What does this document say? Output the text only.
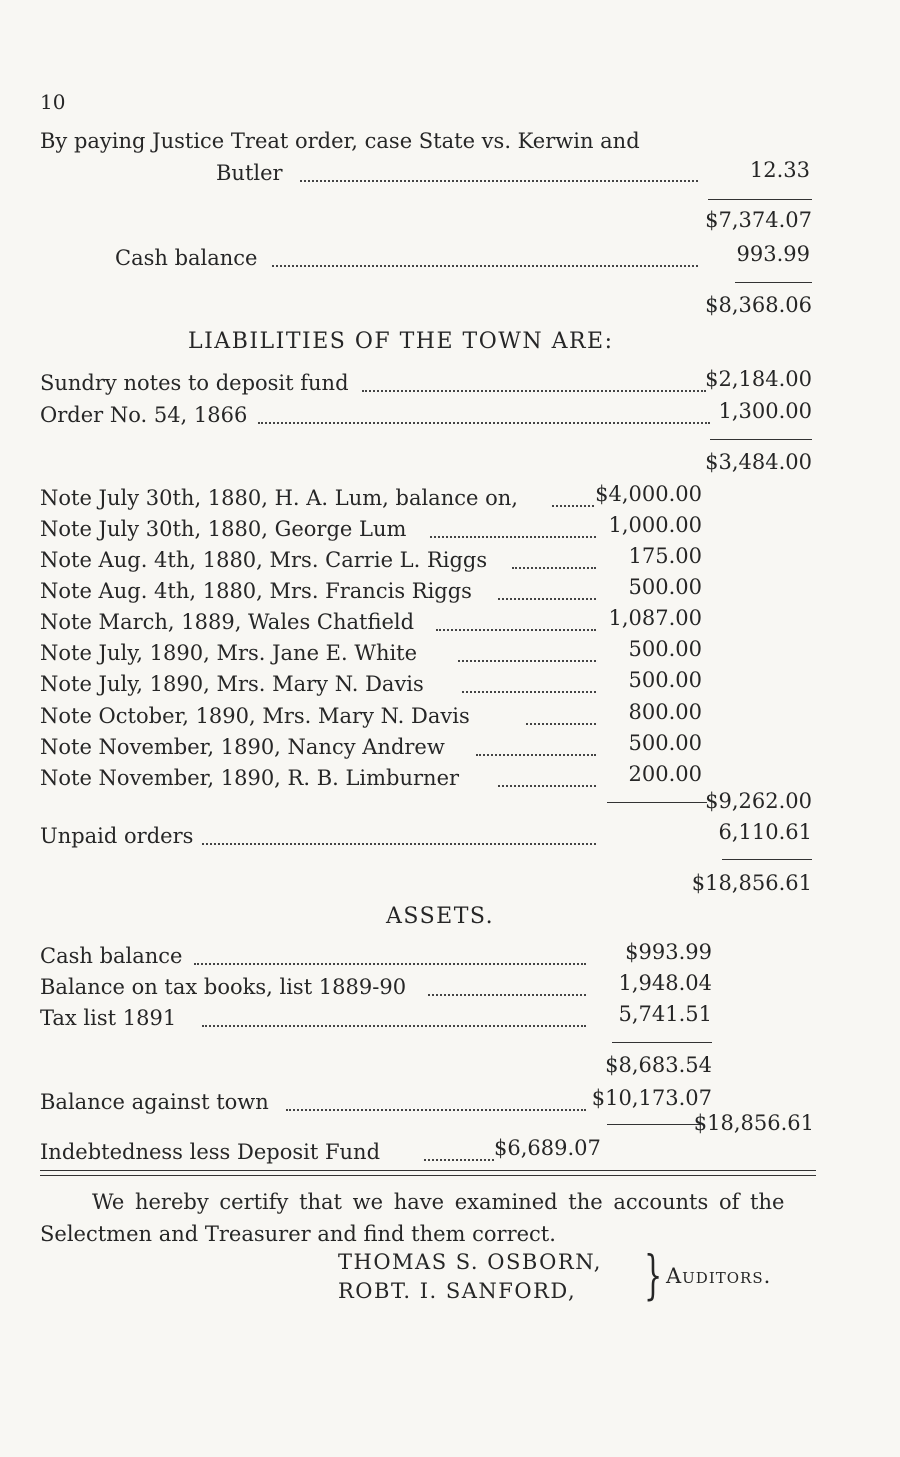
10
By paying Justice Treat order, case State vs. Kerwin and
Butler	12.33
$7,374.07
Cash balance	993.99
$8,368.06
LIABILITIES OF THE TOWN ARE:
Sundry notes to deposit fund	$2,184.00
Order No. 54, 1866	1,300.00
$3,484.00
Note July 30th, 1880, H. A. Lum, balance on,	$4,000.00
Note July 30th, 1880, George Lum	1,000.00
Note Aug. 4th, 1880, Mrs. Carrie L. Riggs	175.00
Note Aug. 4th, 1880, Mrs. Francis Riggs	500.00
Note March, 1889, Wales Chatfield	1,087.00
Note July, 1890, Mrs. Jane E. White	500.00
Note July, 1890, Mrs. Mary N. Davis	500.00
Note October, 1890, Mrs. Mary N. Davis	800.00
Note November, 1890, Nancy Andrew	500.00
Note November, 1890, R. B. Limburner	200.00
$9,262.00
Unpaid orders	6,110.61
$18,856.61
ASSETS.
Cash balance	$993.99
Balance on tax books, list 1889-90	1,948.04
Tax list 1891	5,741.51
$8,683.54
Balance against town	$10,173.07
$18,856.61
Indebtedness less Deposit Fund	$6,689.07
We hereby certify that we have examined the accounts of the
Selectmen and Treasurer and find them correct.
THOMAS S. OSBORN,
ROBT. I. SANFORD, } Auditors.
